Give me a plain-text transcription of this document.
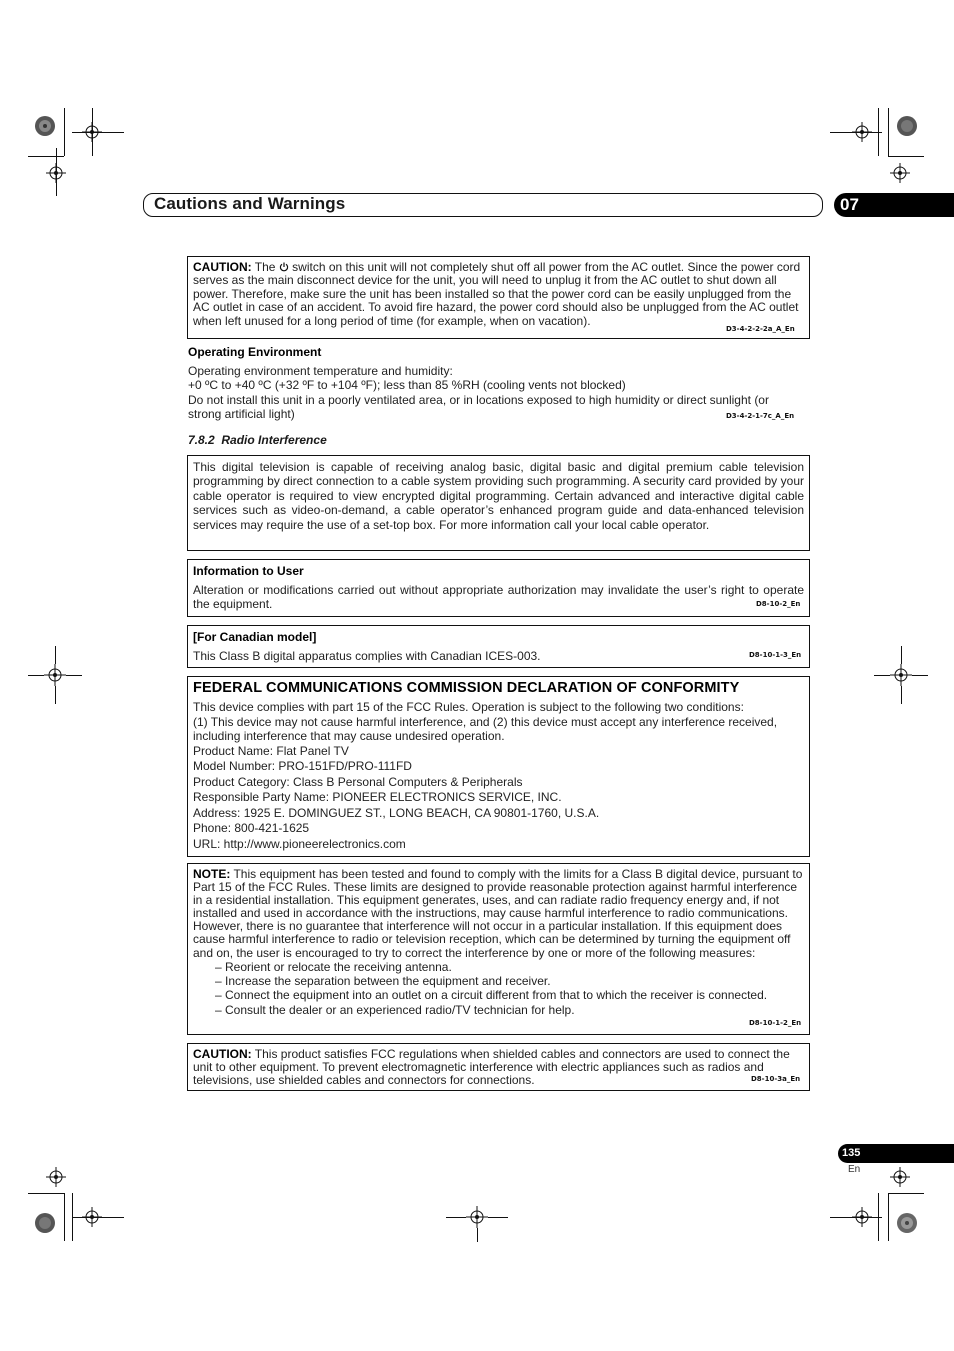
Cautions and Warnings	07
CAUTION: The  switch on this unit will not completely shut off all power from the AC outlet. Since the power cord serves as the main disconnect device for the unit, you will need to unplug it from the AC outlet to shut down all power. Therefore, make sure the unit has been installed so that the power cord can be easily unplugged from the AC outlet in case of an accident. To avoid fire hazard, the power cord should also be unplugged from the AC outlet when left unused for a long period of time (for example, when on vacation).
D3-4-2-2-2a_A_En
Operating Environment
Operating environment temperature and humidity:
+0 ºC to +40 ºC (+32 ºF to +104 ºF); less than 85 %RH (cooling vents not blocked)
Do not install this unit in a poorly ventilated area, or in locations exposed to high humidity or direct sunlight (or strong artificial light)	D3-4-2-1-7c_A_En
7.8.2 Radio Interference
This digital television is capable of receiving analog basic, digital basic and digital premium cable television programming by direct connection to a cable system providing such programming. A security card provided by your cable operator is required to view encrypted digital programming. Certain advanced and interactive digital cable services such as video-on-demand, a cable operator’s enhanced program guide and data-enhanced television services may require the use of a set-top box. For more information call your local cable operator.
Information to User
Alteration or modifications carried out without appropriate authorization may invalidate the user’s right to operate the equipment.	D8-10-2_En
[For Canadian model]
This Class B digital apparatus complies with Canadian ICES-003.	D8-10-1-3_En
FEDERAL COMMUNICATIONS COMMISSION DECLARATION OF CONFORMITY
This device complies with part 15 of the FCC Rules. Operation is subject to the following two conditions:
(1) This device may not cause harmful interference, and (2) this device must accept any interference received,
including interference that may cause undesired operation.
Product Name: Flat Panel TV
Model Number: PRO-151FD/PRO-111FD
Product Category: Class B Personal Computers & Peripherals
Responsible Party Name: PIONEER ELECTRONICS SERVICE, INC.
Address: 1925 E. DOMINGUEZ ST., LONG BEACH, CA 90801-1760, U.S.A.
Phone: 800-421-1625
URL: http://www.pioneerelectronics.com
NOTE: This equipment has been tested and found to comply with the limits for a Class B digital device, pursuant to Part 15 of the FCC Rules. These limits are designed to provide reasonable protection against harmful interference in a residential installation. This equipment generates, uses, and can radiate radio frequency energy and, if not installed and used in accordance with the instructions, may cause harmful interference to radio communications. However, there is no guarantee that interference will not occur in a particular installation. If this equipment does cause harmful interference to radio or television reception, which can be determined by turning the equipment off and on, the user is encouraged to try to correct the interference by one or more of the following measures:
– Reorient or relocate the receiving antenna.
– Increase the separation between the equipment and receiver.
– Connect the equipment into an outlet on a circuit different from that to which the receiver is connected.
– Consult the dealer or an experienced radio/TV technician for help.
D8-10-1-2_En
CAUTION: This product satisfies FCC regulations when shielded cables and connectors are used to connect the unit to other equipment. To prevent electromagnetic interference with electric appliances such as radios and televisions, use shielded cables and connectors for connections.	D8-10-3a_En
135
En
